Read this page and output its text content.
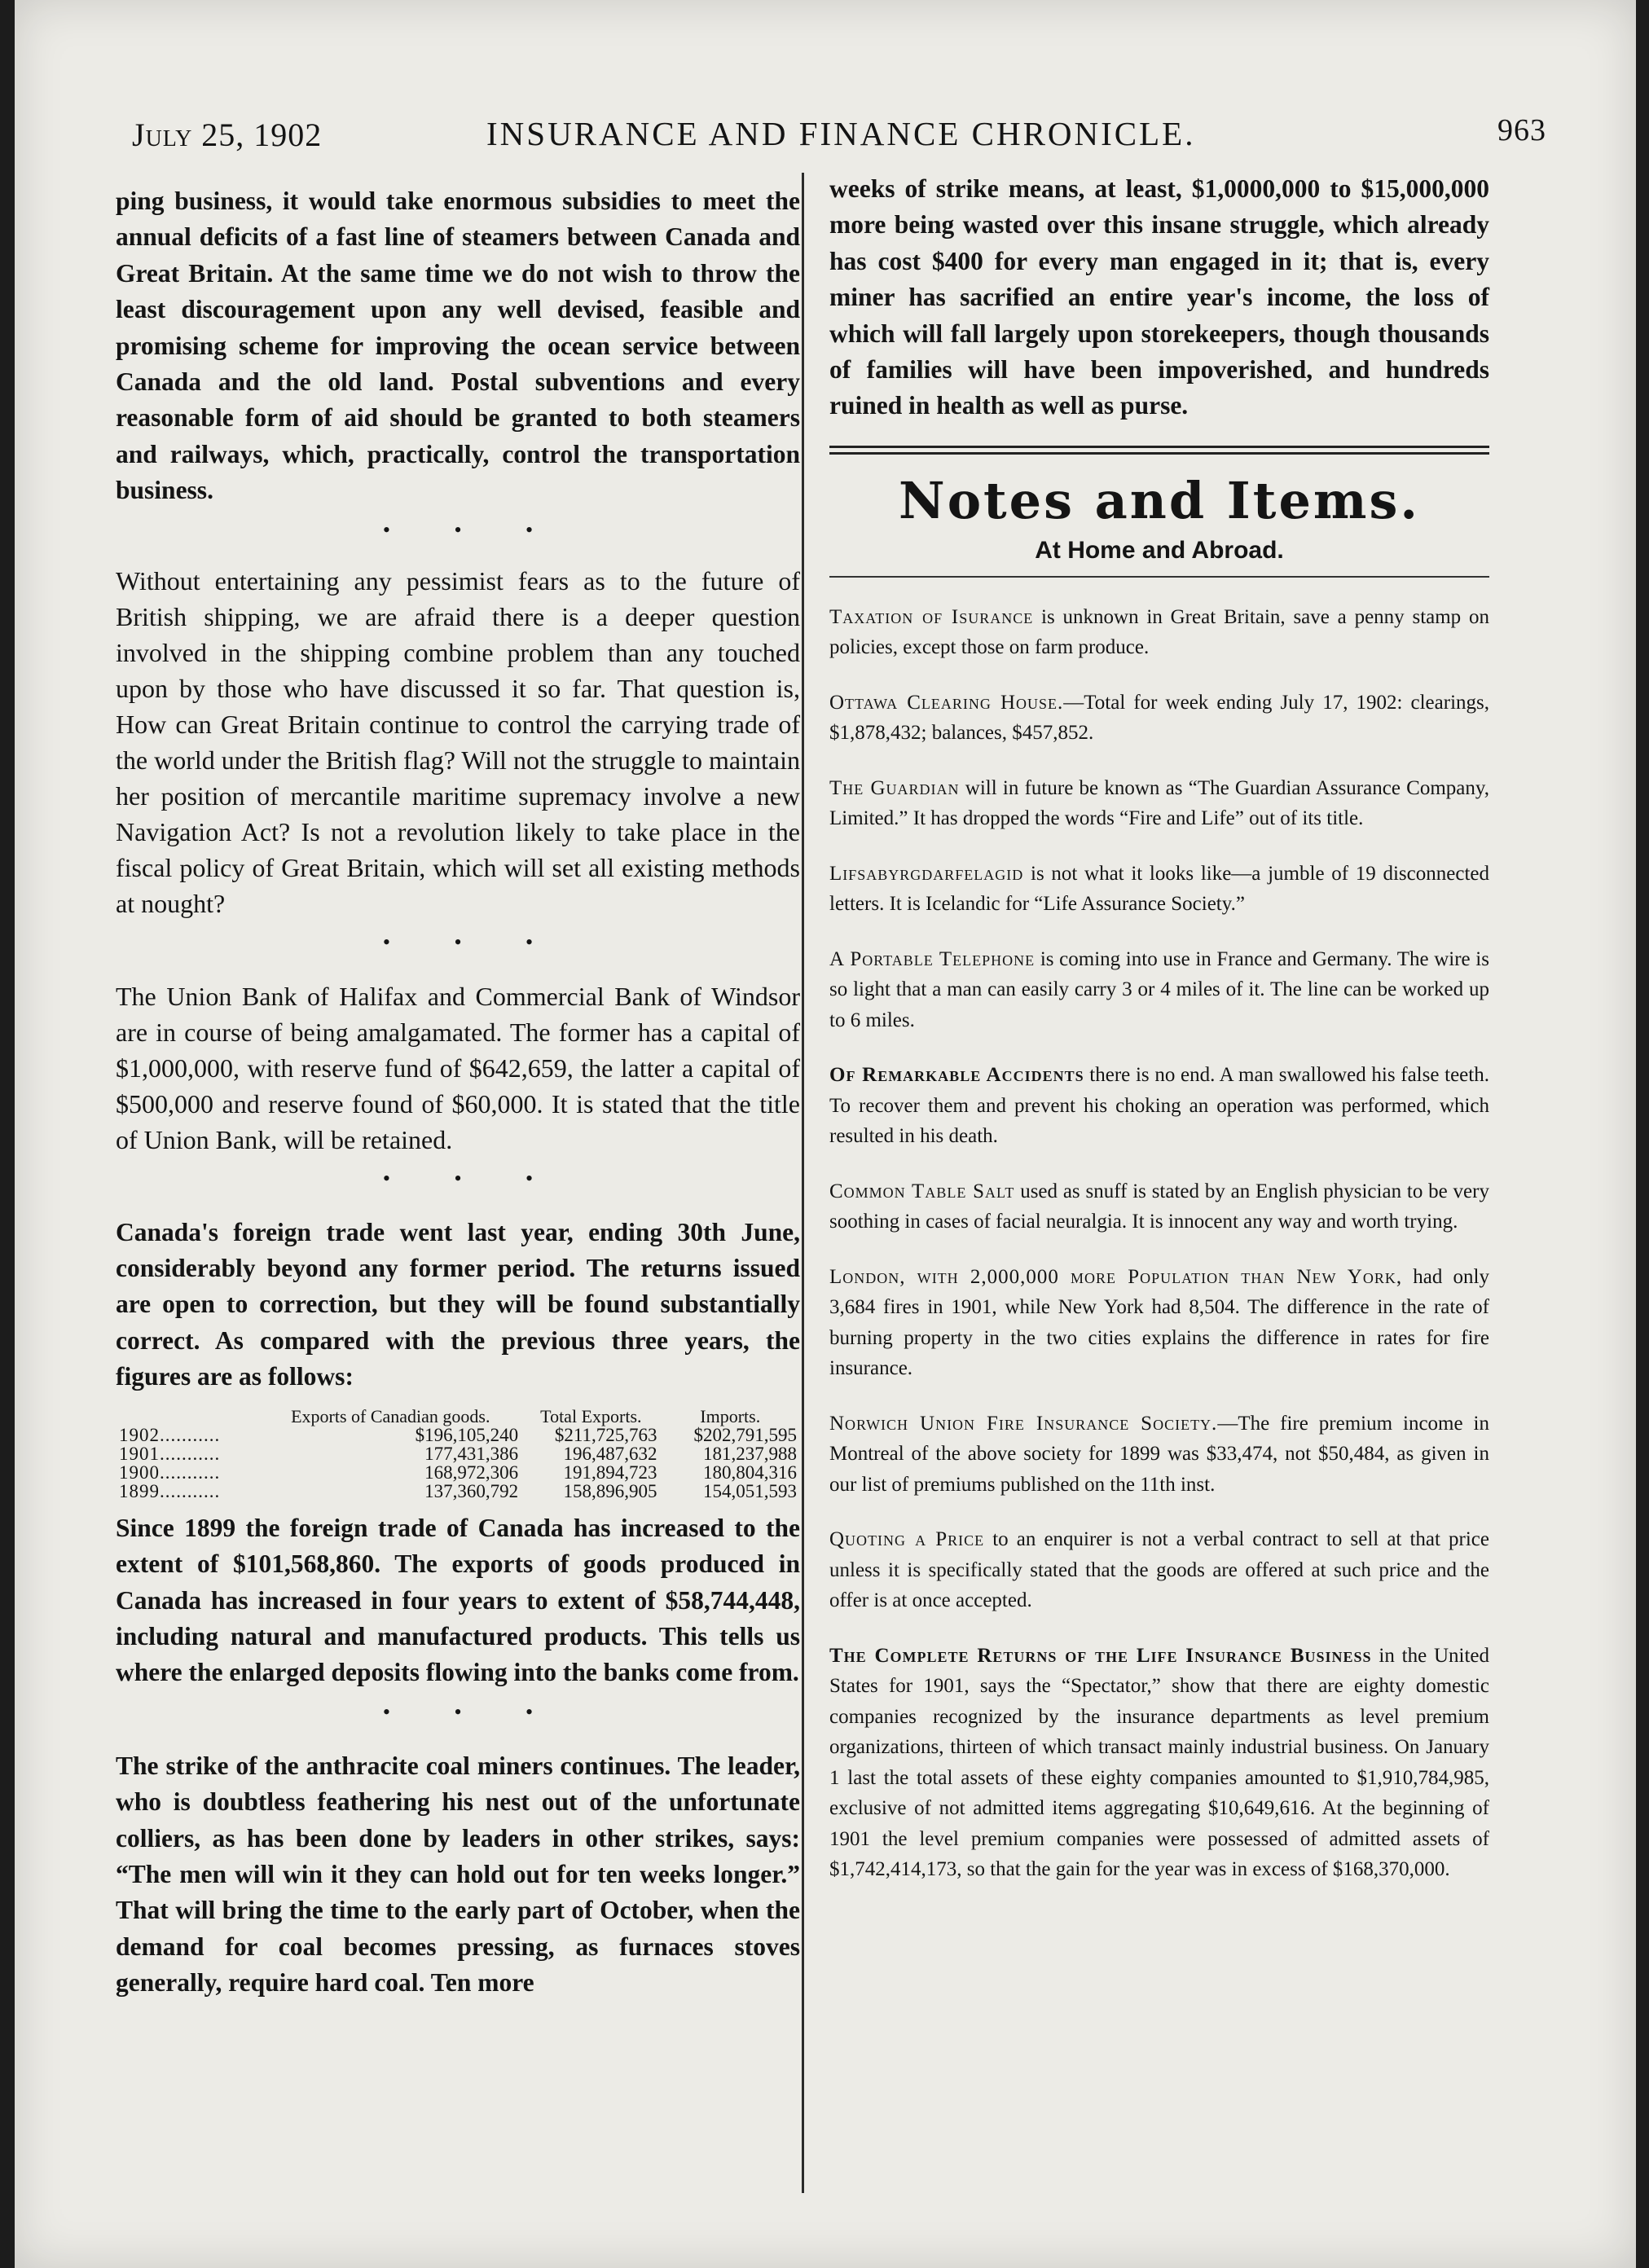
July 25, 1902	INSURANCE AND FINANCE CHRONICLE.	963

ping business, it would take enormous subsidies to meet the annual deficits of a fast line of steamers between Canada and Great Britain. At the same time we do not wish to throw the least discouragement upon any well devised, feasible and promising scheme for improving the ocean service between Canada and the old land. Postal subventions and every reasonable form of aid should be granted to both steamers and railways, which, practically, control the transportation business.

• • •

Without entertaining any pessimist fears as to the future of British shipping, we are afraid there is a deeper question involved in the shipping combine problem than any touched upon by those who have discussed it so far. That question is, How can Great Britain continue to control the carrying trade of the world under the British flag? Will not the struggle to maintain her position of mercantile maritime supremacy involve a new Navigation Act? Is not a revolution likely to take place in the fiscal policy of Great Britain, which will set all existing methods at nought?

• • •

The Union Bank of Halifax and Commercial Bank of Windsor are in course of being amalgamated. The former has a capital of $1,000,000, with reserve fund of $642,659, the latter a capital of $500,000 and reserve found of $60,000. It is stated that the title of Union Bank, will be retained.

• • •

Canada's foreign trade went last year, ending 30th June, considerably beyond any former period. The returns issued are open to correction, but they will be found substantially correct. As compared with the previous three years, the figures are as follows:

	Exports of Canadian goods.	Total Exports.	Imports.
1902...........	$196,105,240	$211,725,763	$202,791,595
1901...........	177,431,386	196,487,632	181,237,988
1900...........	168,972,306	191,894,723	180,804,316
1899...........	137,360,792	158,896,905	154,051,593

Since 1899 the foreign trade of Canada has increased to the extent of $101,568,860. The exports of goods produced in Canada has increased in four years to extent of $58,744,448, including natural and manufactured products. This tells us where the enlarged deposits flowing into the banks come from.

• • •

The strike of the anthracite coal miners continues. The leader, who is doubtless feathering his nest out of the unfortunate colliers, as has been done by leaders in other strikes, says: “The men will win it they can hold out for ten weeks longer.” That will bring the time to the early part of October, when the demand for coal becomes pressing, as furnaces stoves generally, require hard coal. Ten more

weeks of strike means, at least, $1,0000,000 to $15,000,000 more being wasted over this insane struggle, which already has cost $400 for every man engaged in it; that is, every miner has sacrified an entire year's income, the loss of which will fall largely upon storekeepers, though thousands of families will have been impoverished, and hundreds ruined in health as well as purse.

Notes and Items.
At Home and Abroad.

Taxation of Isurance is unknown in Great Britain, save a penny stamp on policies, except those on farm produce.

Ottawa Clearing House.—Total for week ending July 17, 1902: clearings, $1,878,432; balances, $457,852.

The Guardian will in future be known as “The Guardian Assurance Company, Limited.” It has dropped the words “Fire and Life” out of its title.

Lifsabyrgdarfelagid is not what it looks like—a jumble of 19 disconnected letters. It is Icelandic for “Life Assurance Society.”

A Portable Telephone is coming into use in France and Germany. The wire is so light that a man can easily carry 3 or 4 miles of it. The line can be worked up to 6 miles.

Of Remarkable Accidents there is no end. A man swallowed his false teeth. To recover them and prevent his choking an operation was performed, which resulted in his death.

Common Table Salt used as snuff is stated by an English physician to be very soothing in cases of facial neuralgia. It is innocent any way and worth trying.

London, with 2,000,000 more Population than New York, had only 3,684 fires in 1901, while New York had 8,504. The difference in the rate of burning property in the two cities explains the difference in rates for fire insurance.

Norwich Union Fire Insurance Society.—The fire premium income in Montreal of the above society for 1899 was $33,474, not $50,484, as given in our list of premiums published on the 11th inst.

Quoting a Price to an enquirer is not a verbal contract to sell at that price unless it is specifically stated that the goods are offered at such price and the offer is at once accepted.

The Complete Returns of the Life Insurance Business in the United States for 1901, says the “Spectator,” show that there are eighty domestic companies recognized by the insurance departments as level premium organizations, thirteen of which transact mainly industrial business. On January 1 last the total assets of these eighty companies amounted to $1,910,784,985, exclusive of not admitted items aggregating $10,649,616. At the beginning of 1901 the level premium companies were possessed of admitted assets of $1,742,414,173, so that the gain for the year was in excess of $168,370,000.
